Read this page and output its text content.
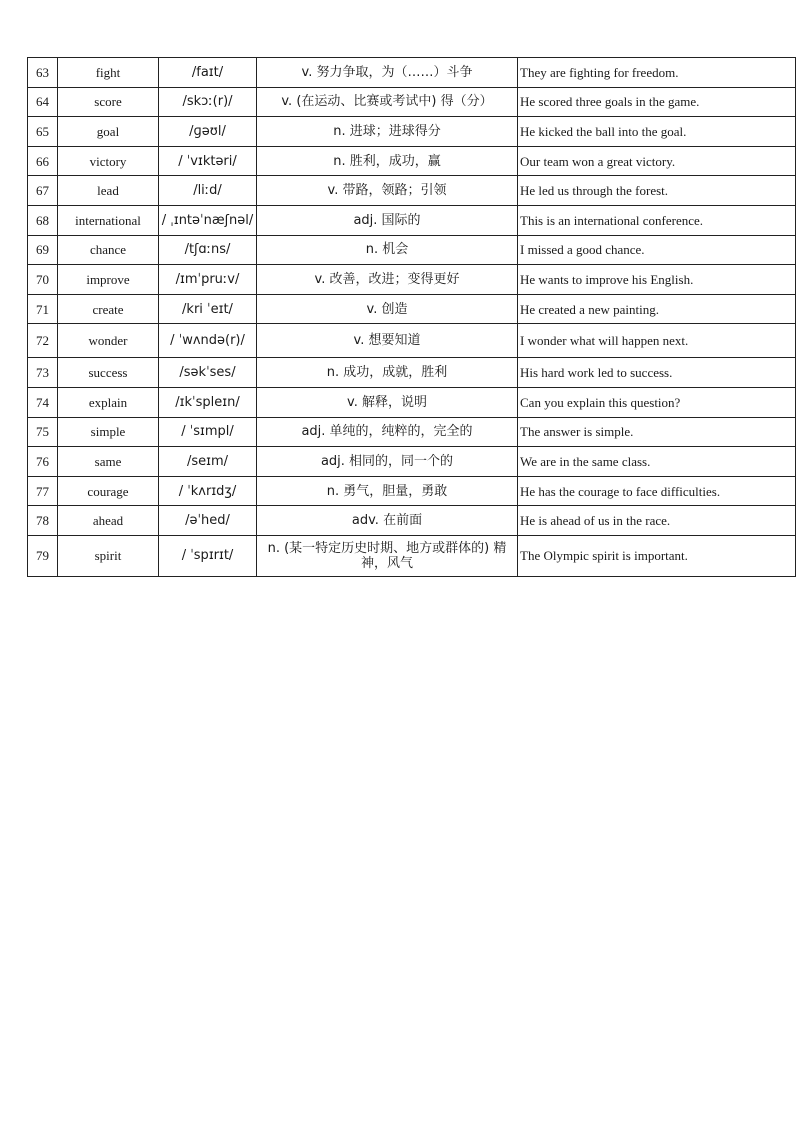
63	fight	/faɪt/	v. 努力争取，为（……）斗争	They are fighting for freedom.
64	score	/skɔː(r)/	v. (在运动、比赛或考试中) 得（分）	He scored three goals in the game.
65	goal	/ɡəʊl/	n. 进球；进球得分	He kicked the ball into the goal.
66	victory	/ ˈvɪktəri/	n. 胜利，成功，赢	Our team won a great victory.
67	lead	/liːd/	v. 带路，领路；引领	He led us through the forest.
68	international	/ ˌɪntəˈnæʃnəl/	adj. 国际的	This is an international conference.
69	chance	/tʃɑːns/	n. 机会	I missed a good chance.
70	improve	/ɪmˈpruːv/	v. 改善，改进；变得更好	He wants to improve his English.
71	create	/kri ˈeɪt/	v. 创造	He created a new painting.
72	wonder	/ ˈwʌndə(r)/	v. 想要知道	I wonder what will happen next.
73	success	/səkˈses/	n. 成功，成就，胜利	His hard work led to success.
74	explain	/ɪkˈspleɪn/	v. 解释，说明	Can you explain this question?
75	simple	/ ˈsɪmpl/	adj. 单纯的，纯粹的，完全的	The answer is simple.
76	same	/seɪm/	adj. 相同的，同一个的	We are in the same class.
77	courage	/ ˈkʌrɪdʒ/	n. 勇气，胆量，勇敢	He has the courage to face difficulties.
78	ahead	/əˈhed/	adv. 在前面	He is ahead of us in the race.
79	spirit	/ ˈspɪrɪt/	n. (某一特定历史时期、地方或群体的) 精神，风气	The Olympic spirit is important.
